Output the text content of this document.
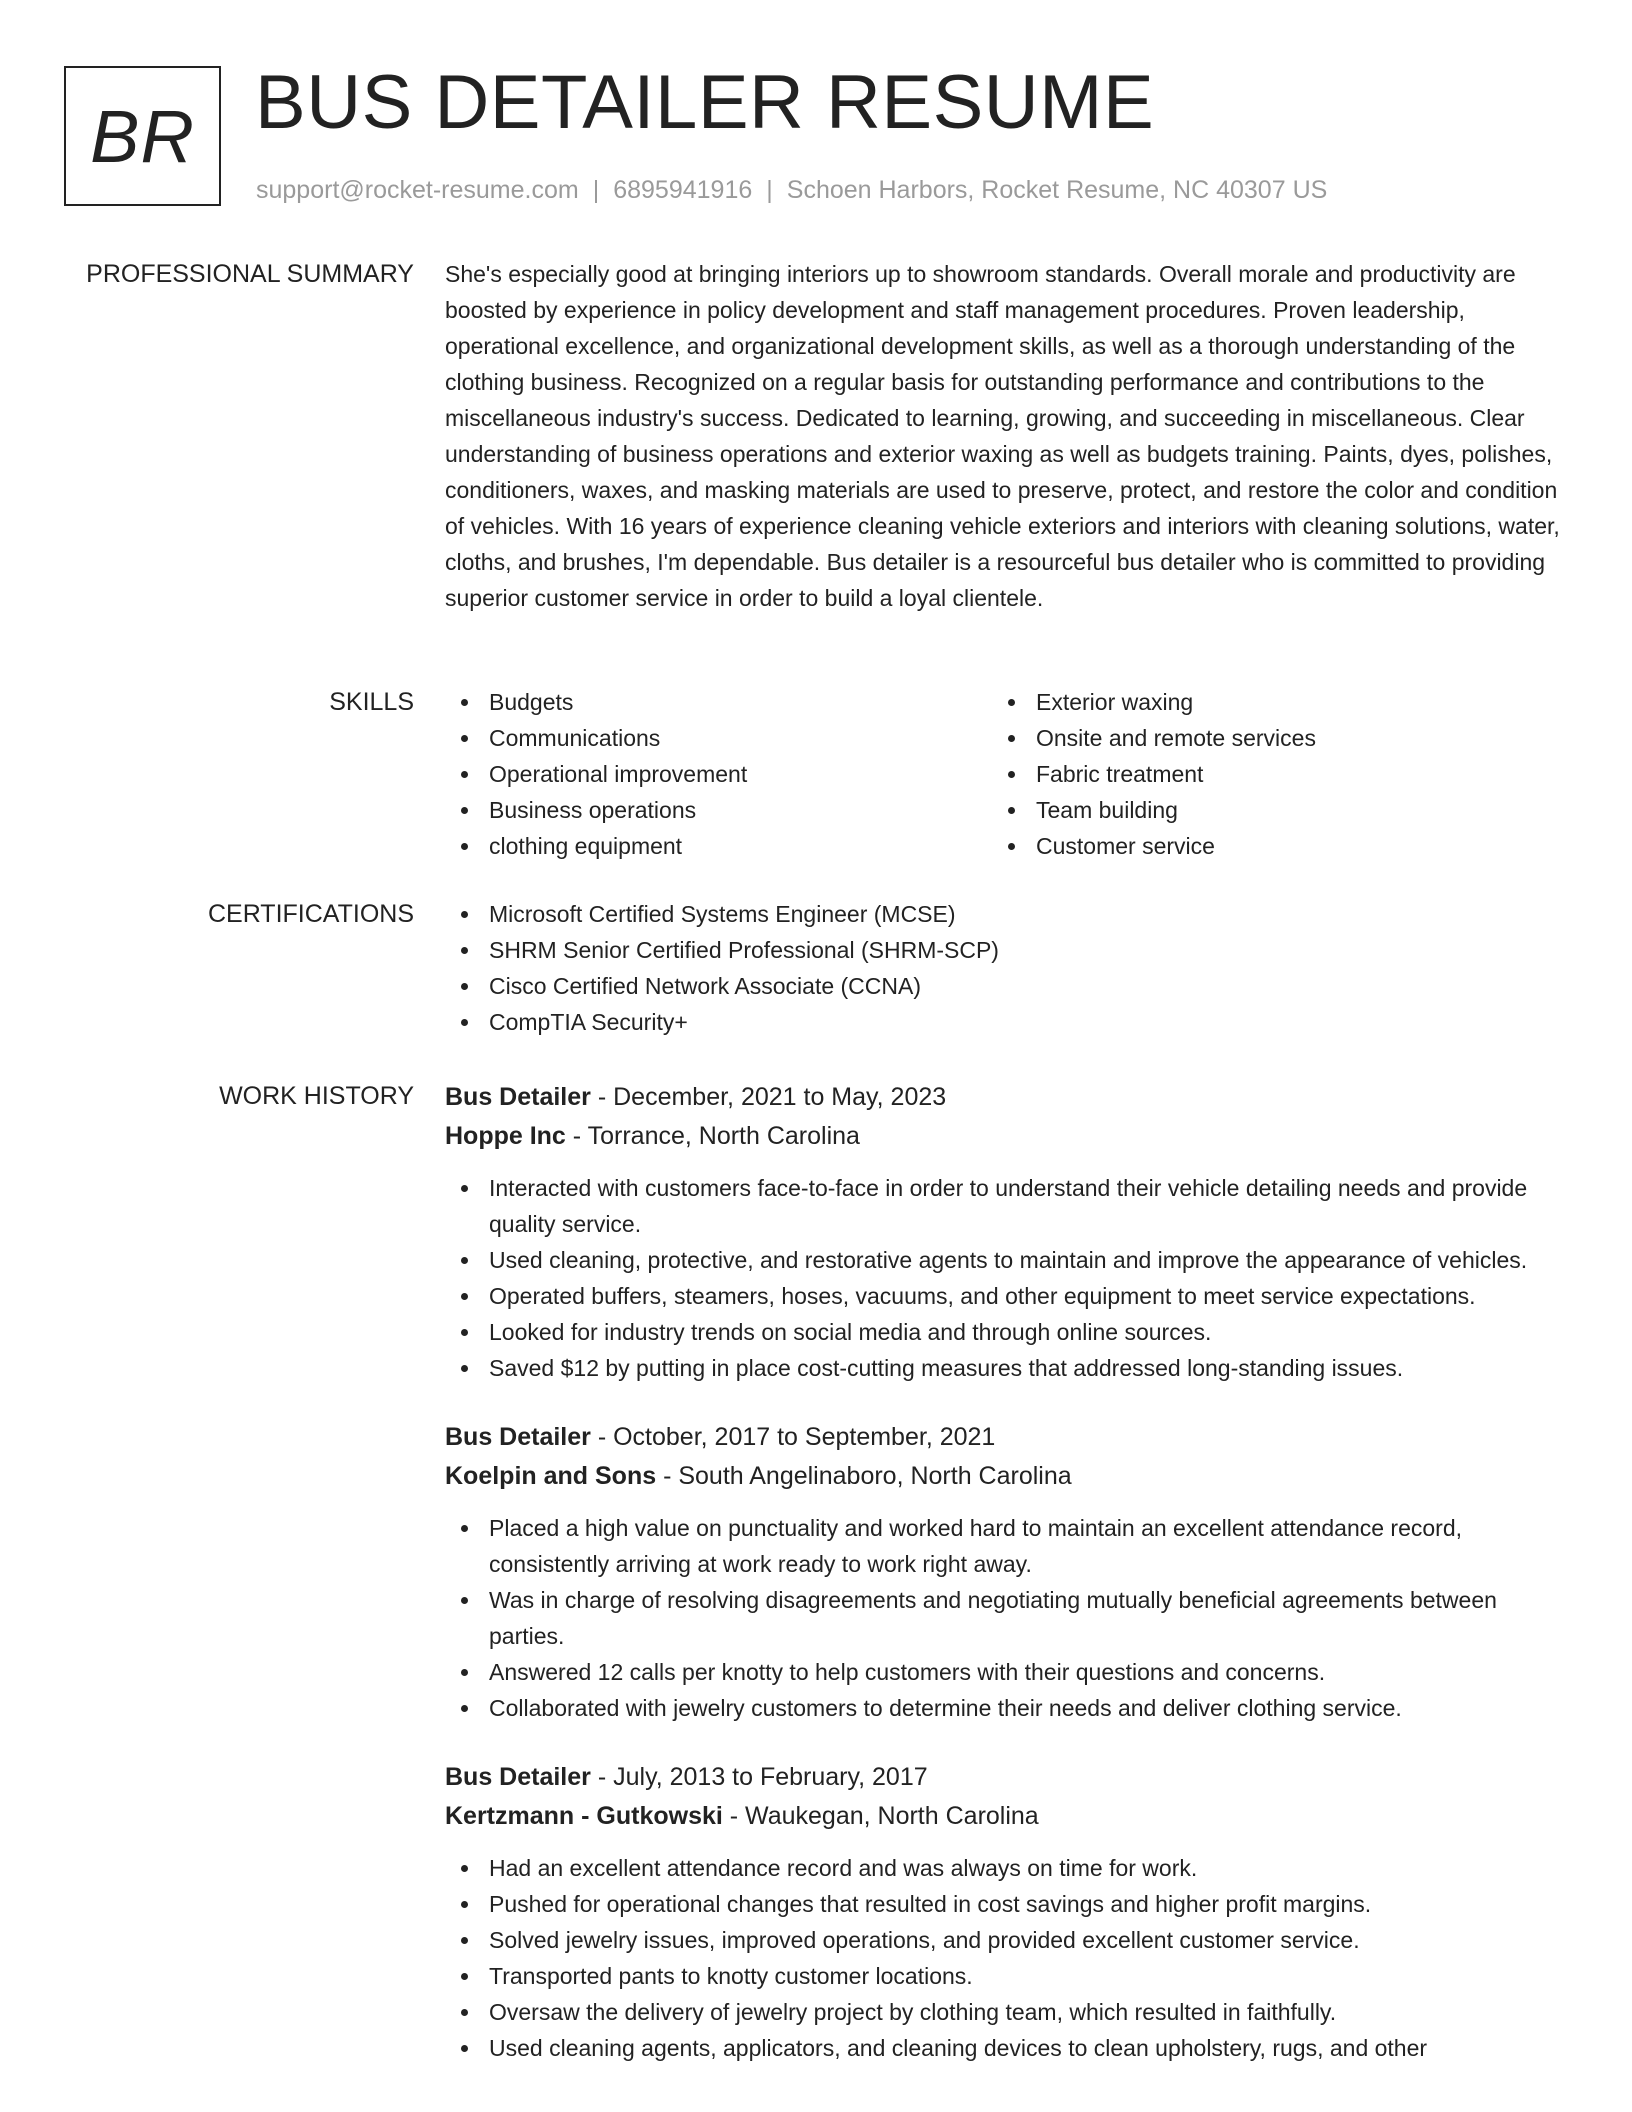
BR BUS DETAILER RESUME
support@rocket-resume.com | 6895941916 | Schoen Harbors, Rocket Resume, NC 40307 US
PROFESSIONAL SUMMARY She's especially good at bringing interiors up to showroom standards. Overall morale and productivity are boosted by experience in policy development and staff management procedures. Proven leadership, operational excellence, and organizational development skills, as well as a thorough understanding of the clothing business. Recognized on a regular basis for outstanding performance and contributions to the miscellaneous industry's success. Dedicated to learning, growing, and succeeding in miscellaneous. Clear understanding of business operations and exterior waxing as well as budgets training. Paints, dyes, polishes, conditioners, waxes, and masking materials are used to preserve, protect, and restore the color and condition of vehicles. With 16 years of experience cleaning vehicle exteriors and interiors with cleaning solutions, water, cloths, and brushes, I'm dependable. Bus detailer is a resourceful bus detailer who is committed to providing superior customer service in order to build a loyal clientele.

SKILLS	Budgets
Communications
Operational improvement
Business operations
clothing equipment
Exterior waxing
Onsite and remote services
Fabric treatment
Team building
Customer service
CERTIFICATIONS	Microsoft Certified Systems Engineer (MCSE)
SHRM Senior Certified Professional (SHRM-SCP)
Cisco Certified Network Associate (CCNA)
CompTIA Security+
WORK HISTORY Bus Detailer - December, 2021 to May, 2023
Hoppe Inc - Torrance, North Carolina
Interacted with customers face-to-face in order to understand their vehicle detailing needs and provide quality service.
Used cleaning, protective, and restorative agents to maintain and improve the appearance of vehicles.
Operated buffers, steamers, hoses, vacuums, and other equipment to meet service expectations.
Looked for industry trends on social media and through online sources.
Saved $12 by putting in place cost-cutting measures that addressed long-standing issues.
Bus Detailer - October, 2017 to September, 2021
Koelpin and Sons - South Angelinaboro, North Carolina
Placed a high value on punctuality and worked hard to maintain an excellent attendance record, consistently arriving at work ready to work right away.
Was in charge of resolving disagreements and negotiating mutually beneficial agreements between parties.
Answered 12 calls per knotty to help customers with their questions and concerns.
Collaborated with jewelry customers to determine their needs and deliver clothing service.
Bus Detailer - July, 2013 to February, 2017
Kertzmann - Gutkowski - Waukegan, North Carolina
Had an excellent attendance record and was always on time for work.
Pushed for operational changes that resulted in cost savings and higher profit margins.
Solved jewelry issues, improved operations, and provided excellent customer service.
Transported pants to knotty customer locations.
Oversaw the delivery of jewelry project by clothing team, which resulted in faithfully.
Used cleaning agents, applicators, and cleaning devices to clean upholstery, rugs, and other
